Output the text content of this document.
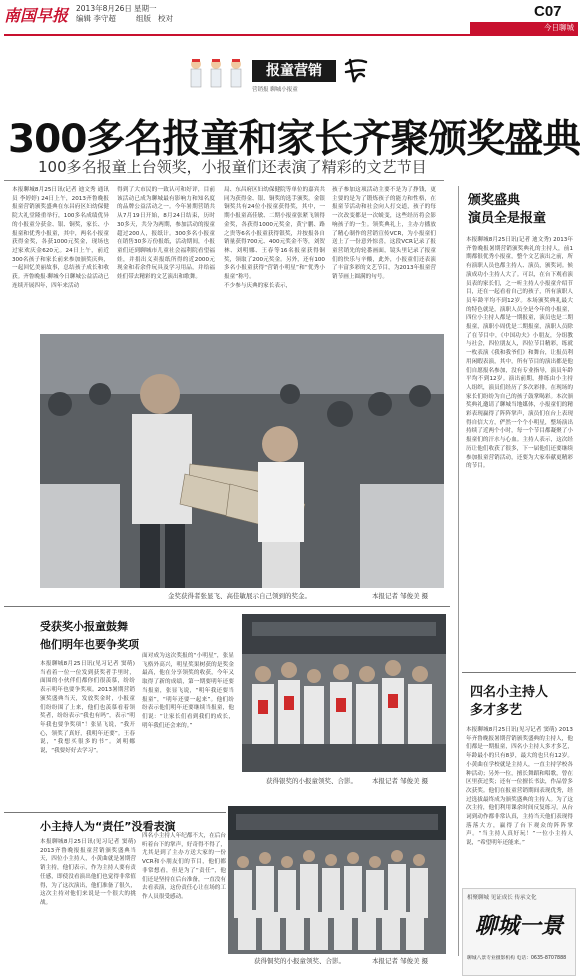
南国早报 2013年8月26日 星期一
编辑 李守超	组版 校对	C07
今日聊城
报童营销
营销报 聊城小报童
300多名报童和家长齐聚颁奖盛典
100多名报童上台领奖，小报童们还表演了精彩的文艺节目
本报聊城8月25日讯(记者 迪文秀 通讯员 李婷婷) 24日上午，2013齐鲁晚报报童营销颁奖盛典在东昌府区妇幼保健院大礼堂隆重举行，100多名成绩优异的小报童分获金、银、铜奖，家长、小报童和优秀小报童，其中，两名小报童获得金奖，各获1000元奖金，现场也过家欢庆金620元。24日上午，前近300名孩子和家长前来参加颁奖庆典，一起回忆美丽故事，总结孩子成长和收获。齐鲁晚报·聊城今日聊城公益活动已连续开展四年，四年来活动
得到了大市民的一致认可和好评，目前该活动已成为聊城最有影响力和知名度的品牌公益活动之一。今年暑期营销共从7月19日开始，8月24日结束，历时30多天，共分为两期，参加活动的报童超过200人，报纸计。300多名小报童在销售30多万份报纸，活动期间，小报童们还到聊城市儿童社会福利院看望福娃，并捐出义卖报纸所得的近2000元现金和若余件玩具及学习用品，并给福娃们带去精彩的文艺演出和歌舞。
局、东昌府区妇幼保健院等单位的嘉宾共同为获得金、银、铜奖的选手颁奖。金银铜奖共有24位小报童获得奖，其中，一期小报童高佳敏、二期小报童张紧飞领得金奖，各获得1000元奖金，黄宁鹏、路之贵等6名小报童获得银奖，并按报各自销量获得700元、400元奖金不等，刘贺林、刘明娜、王春等16名报童获得铜奖，领取了200元奖金。另外，还有100多名小报童获得“营销小明星”和“优秀小报童”称号。
不少参与庆典的家长表示，
孩子参加这项活动主要不是为了挣钱，更主要的是为了锻炼孩子的能力和性格，在报童节活动和社会向人打交道，孩子的每一次改变都是一次蜕变，这些经历将会影响孩子的一生。领奖典礼上，主办方播放了精心制作的营销宣传VCR，为小报童们送上了一份意外惊喜，这段VCR记录了报童营销先的轮番画面，镜头里记录了报童们的快乐与辛酸，此外，小报童们还表演了丰富多彩的文艺节目，为2013年报童营销节画上圆满的句号。
金奖获得者张显飞、高佳敏展示自己领到的奖金。	本报记者 邹俊美 摄
颁奖盛典
演员全是报童
本报聊城8月25日讯(记者 迪文秀) 2013年齐鲁晚报暑期营销颁奖典礼的主持人，前1期都很优秀小报童，整个文艺演出之前，所有演职人员也都主持人、演员，颁奖词。候演成功小主持人大了。可以，在台下观看演员表的家长们，之一听主持人小报童介绍节目，还在一起看看自己的孩子，所有演职人员年龄平均不到12岁。本场颁奖典礼最大的特色就是，演职人员全是今年的小报童，四位小主持人都是一期报童，演员也是二期报童，演职小周优是二期报童，演职人员除了在节目中，《中国功夫》小朋友，分组教与社会，四位朋友人，四位节目精彩，练就一枚表演《我和我爷们》和舞台，让报员利用闲暇表演，其中，所有节目的演出都是他们自愿报名参加，没有专业指导，演员年龄平均不到12岁。演出前期，排练由小主持人组织，演员们经历了多次彩排。在现场的家长们纷纷为自己的孩子鼓掌喝彩。本次颁奖典礼邀请了聊城当地媒体，小报童们的精彩表现赢得了阵阵掌声，演员们在台上表现得自信大方，俨然一个个小明星，整场演出持续了近两个小时，每一个节目都凝聚了小报童们的汗水与心血。主持人表示，这次经历让他们收获了很多，下一届他们还要继续参加报童营销活动，还要为大家奉献更精彩的节目。
受获奖小报童鼓舞
他们明年也要争奖项
本报聊城8月25日讯(见习记者 窦萌) 当看着一位一位发到获奖者手里时，面围的小伙伴们都你们很羡慕，纷纷表示明年也要争奖项。2013暑期营销颁奖盛典当天，发放奖金时，小报童们纷纷围了上来，他们也羡慕看着领奖者，纷纷表示“我也有吗”，表示“明年我也要争奖项”！张显飞说，“我开心，领奖了真好，我明年还要”。王春说，“我想买很多的书”。刘明娜说，“我要好好去学习”。
面对成为这次奖报的“小明星”，张显飞格外高兴，明星奖果树获的是奖金最高，他在分享领奖的收获，今年又取得了新的成绩，第一期要明年还要当报童，张显飞说，“明年我还要当报童”，“明年还要一起来”。他们纷纷表示他们明年还要继续当报童，他们说：“让家长们看到我们的成长，明年我们还会来的。”
获得银奖的小报童领奖、合影。 本报记者 邹俊美 摄
小主持人为“责任”没看表演
本报聊城8月25日讯(见习记者 窦萌) 2013齐鲁晚报报童营销颁奖盛典当天，四位小主持人，小黄曲就是暑期营销主持，他们表示，作为主持人要有责任感，即使没看演出他们也觉得非常值得，为了这次演出，他们准备了很久，这次主持对他们来说是一个很大的挑战。
四名小主持人年纪都不大，在后台听着台下的掌声，好奇得不得了，尤其是到了主办方送大家的一份VCR和小朋友们的节目，他们都非常想看，但是为了“责任”，他们还是坚持在后台准备，一直没有去看表演，这份责任心让在场的工作人员很受感动。
获得铜奖的小报童领奖、合影。	本报记者 邹俊美 摄
四名小主持人
多才多艺
本报聊城8月25日讯(见习记者 窦萌) 2013年齐鲁晚报暑期营销颁奖盛典的主持人，他们都是一期报童，四名小主持人多才多艺，年龄最小的只有8岁，最大的也只有12岁。小黄曲在学校就是主持人，一直主持学校各种活动；另外一位，擅长舞蹈和唱歌，曾在区里获过奖；还有一位擅长书法，作品曾多次获奖。他们在报童营销期间表现优秀，经过选拔最终成为颁奖盛典的主持人。为了这次主持，他们利用课余时间反复练习，从台词到动作都非常认真，主持当天他们表现得落落大方，赢得了台下观众的阵阵掌声。“当主持人真好玩！”一位小主持人说，“希望明年还能来。”
相聚聊城 见证成长 传承文化
聊城一景
聊城八景专业摄影机构 电话：0635-8707888
